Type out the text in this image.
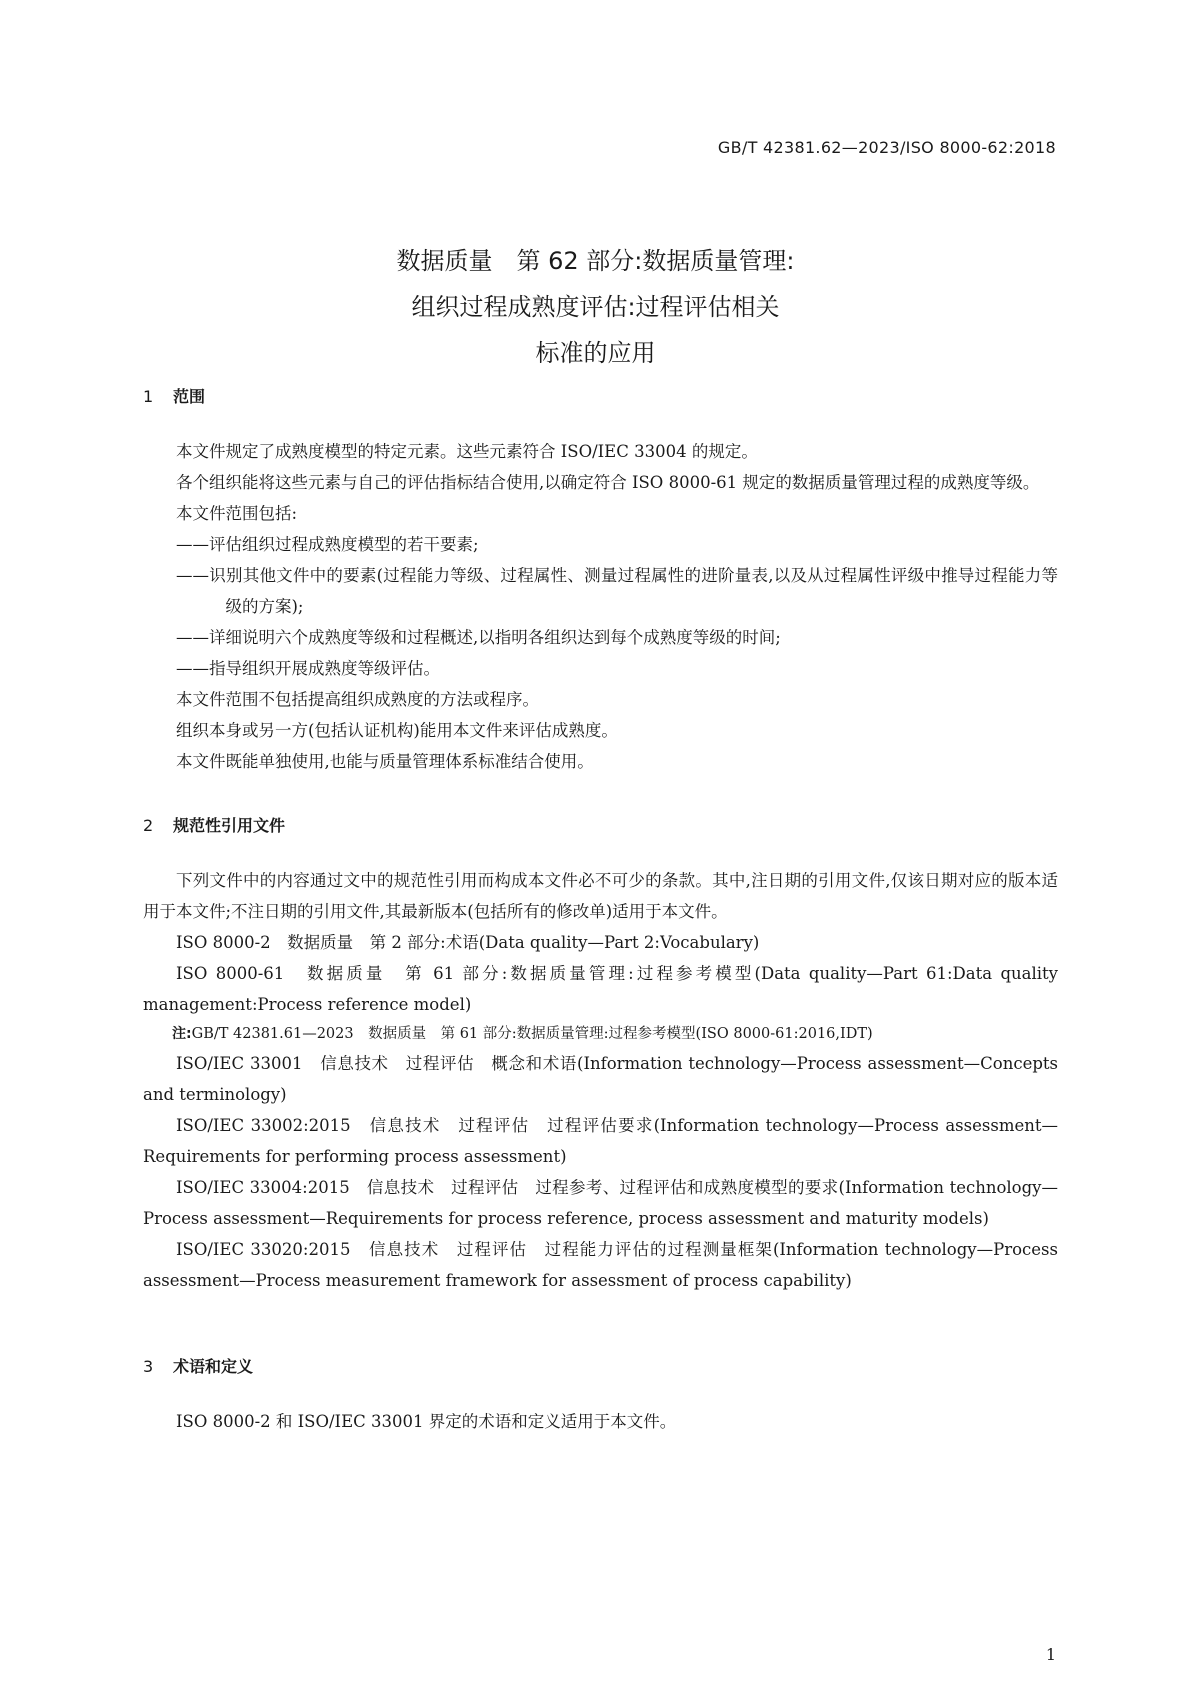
GB/T 42381.62—2023/ISO 8000-62:2018
数据质量　第 62 部分:数据质量管理:
组织过程成熟度评估:过程评估相关
标准的应用
1 范围

本文件规定了成熟度模型的特定元素。这些元素符合 ISO/IEC 33004 的规定。

各个组织能将这些元素与自己的评估指标结合使用,以确定符合 ISO 8000-61 规定的数据质量管理过程的成熟度等级。

本文件范围包括:

——评估组织过程成熟度模型的若干要素;
——识别其他文件中的要素(过程能力等级、过程属性、测量过程属性的进阶量表,以及从过程属性评级中推导过程能力等级的方案);
——详细说明六个成熟度等级和过程概述,以指明各组织达到每个成熟度等级的时间;
——指导组织开展成熟度等级评估。

本文件范围不包括提高组织成熟度的方法或程序。

组织本身或另一方(包括认证机构)能用本文件来评估成熟度。

本文件既能单独使用,也能与质量管理体系标准结合使用。

2 规范性引用文件

下列文件中的内容通过文中的规范性引用而构成本文件必不可少的条款。其中,注日期的引用文件,仅该日期对应的版本适用于本文件;不注日期的引用文件,其最新版本(包括所有的修改单)适用于本文件。

ISO 8000-2　数据质量　第 2 部分:术语(Data quality—Part 2:Vocabulary)

ISO 8000-61　数据质量　第 61 部分:数据质量管理:过程参考模型(Data quality—Part 61:Data quality management:Process reference model)

注:GB/T 42381.61—2023　数据质量　第 61 部分:数据质量管理:过程参考模型(ISO 8000-61:2016,IDT)

ISO/IEC 33001　信息技术　过程评估　概念和术语(Information technology—Process assessment—Concepts and terminology)

ISO/IEC 33002:2015　信息技术　过程评估　过程评估要求(Information technology—Process assessment—Requirements for performing process assessment)

ISO/IEC 33004:2015　信息技术　过程评估　过程参考、过程评估和成熟度模型的要求(Information technology—Process assessment—Requirements for process reference, process assessment and maturity models)

ISO/IEC 33020:2015　信息技术　过程评估　过程能力评估的过程测量框架(Information technology—Process assessment—Process measurement framework for assessment of process capability)

3 术语和定义

ISO 8000-2 和 ISO/IEC 33001 界定的术语和定义适用于本文件。

1
